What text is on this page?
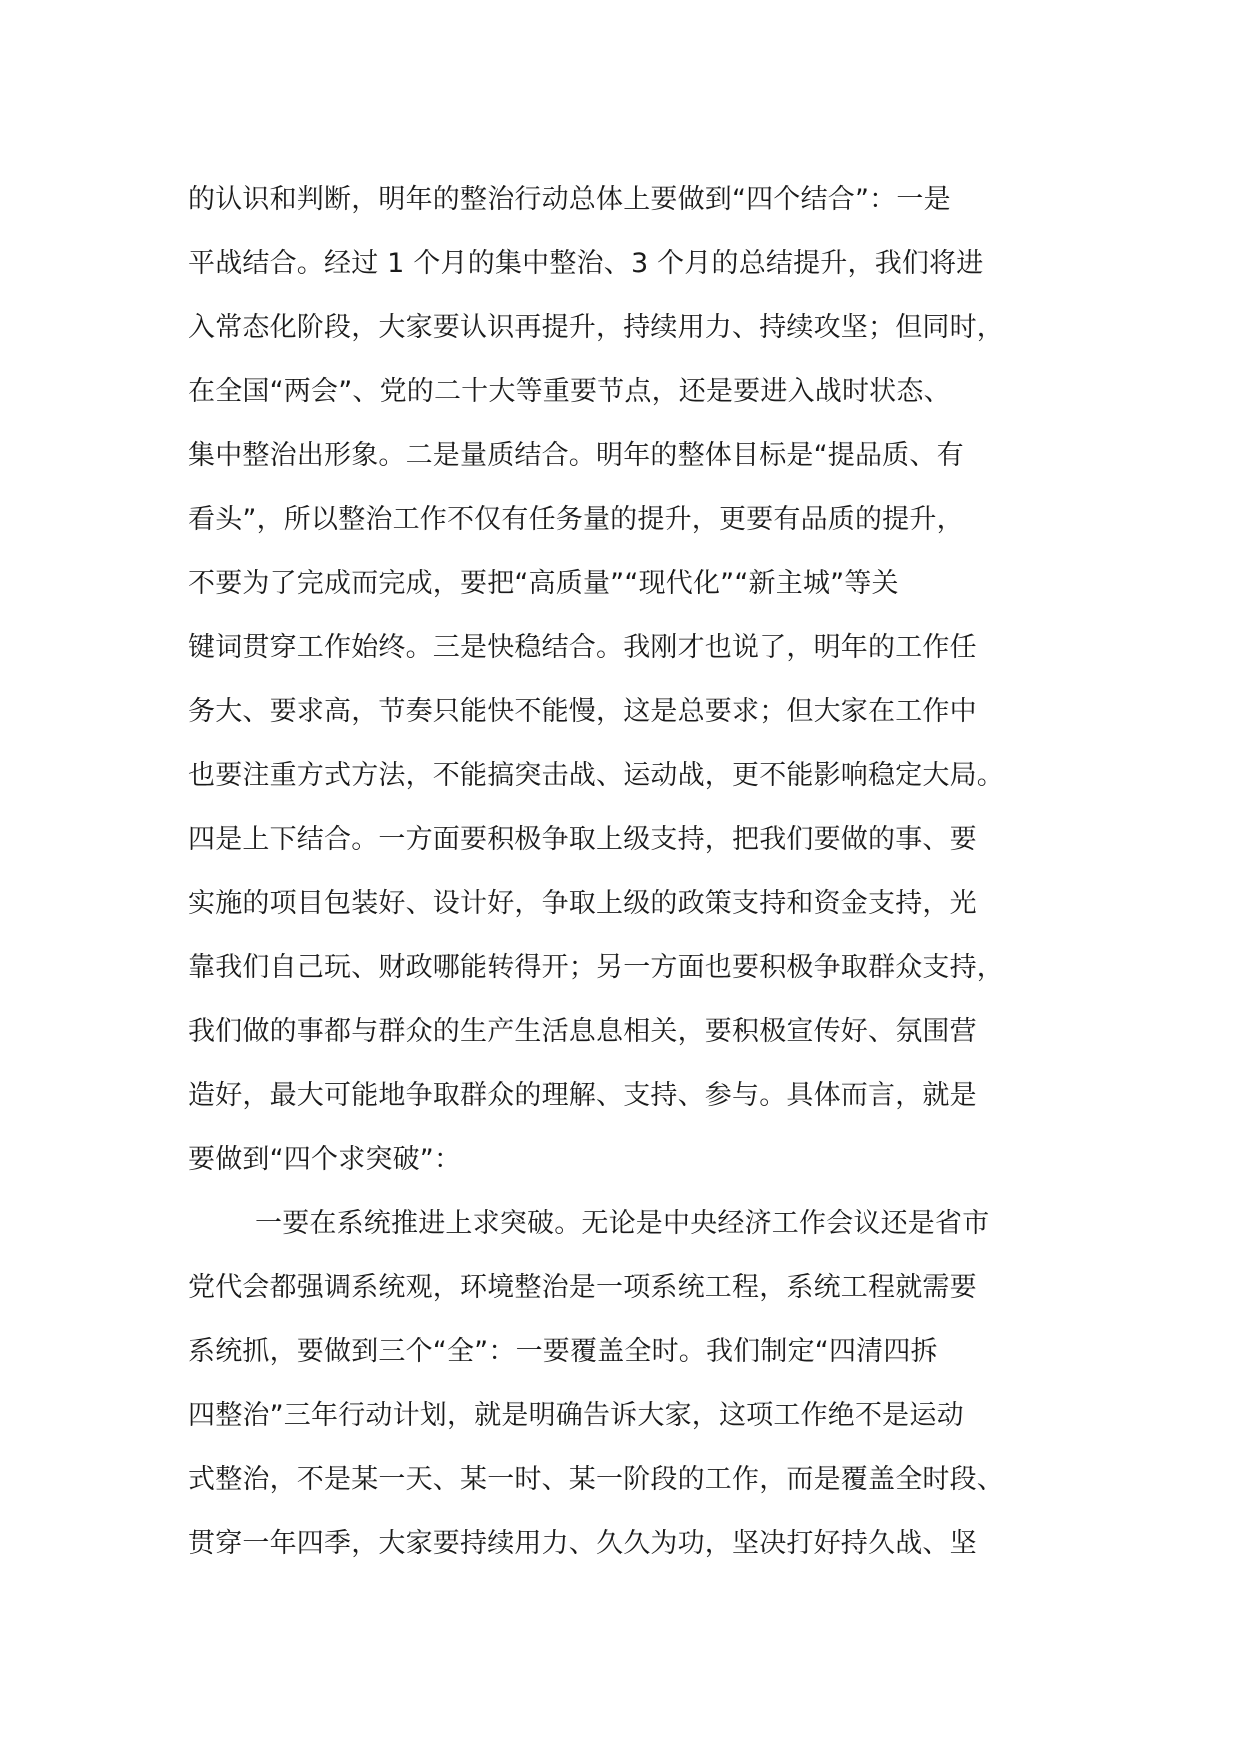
的认识和判断，明年的整治行动总体上要做到“四个结合”：一是
平战结合。经过 1 个月的集中整治、3 个月的总结提升，我们将进
入常态化阶段，大家要认识再提升，持续用力、持续攻坚；但同时，
在全国“两会”、党的二十大等重要节点，还是要进入战时状态、
集中整治出形象。二是量质结合。明年的整体目标是“提品质、有
看头”，所以整治工作不仅有任务量的提升，更要有品质的提升，
不要为了完成而完成，要把“高质量”“现代化”“新主城”等关
键词贯穿工作始终。三是快稳结合。我刚才也说了，明年的工作任
务大、要求高，节奏只能快不能慢，这是总要求；但大家在工作中
也要注重方式方法，不能搞突击战、运动战，更不能影响稳定大局。
四是上下结合。一方面要积极争取上级支持，把我们要做的事、要
实施的项目包装好、设计好，争取上级的政策支持和资金支持，光
靠我们自己玩、财政哪能转得开；另一方面也要积极争取群众支持，
我们做的事都与群众的生产生活息息相关，要积极宣传好、氛围营
造好，最大可能地争取群众的理解、支持、参与。具体而言，就是
要做到“四个求突破”：
一要在系统推进上求突破。无论是中央经济工作会议还是省市
党代会都强调系统观，环境整治是一项系统工程，系统工程就需要
系统抓，要做到三个“全”：一要覆盖全时。我们制定“四清四拆
四整治”三年行动计划，就是明确告诉大家，这项工作绝不是运动
式整治，不是某一天、某一时、某一阶段的工作，而是覆盖全时段、
贯穿一年四季，大家要持续用力、久久为功，坚决打好持久战、坚
